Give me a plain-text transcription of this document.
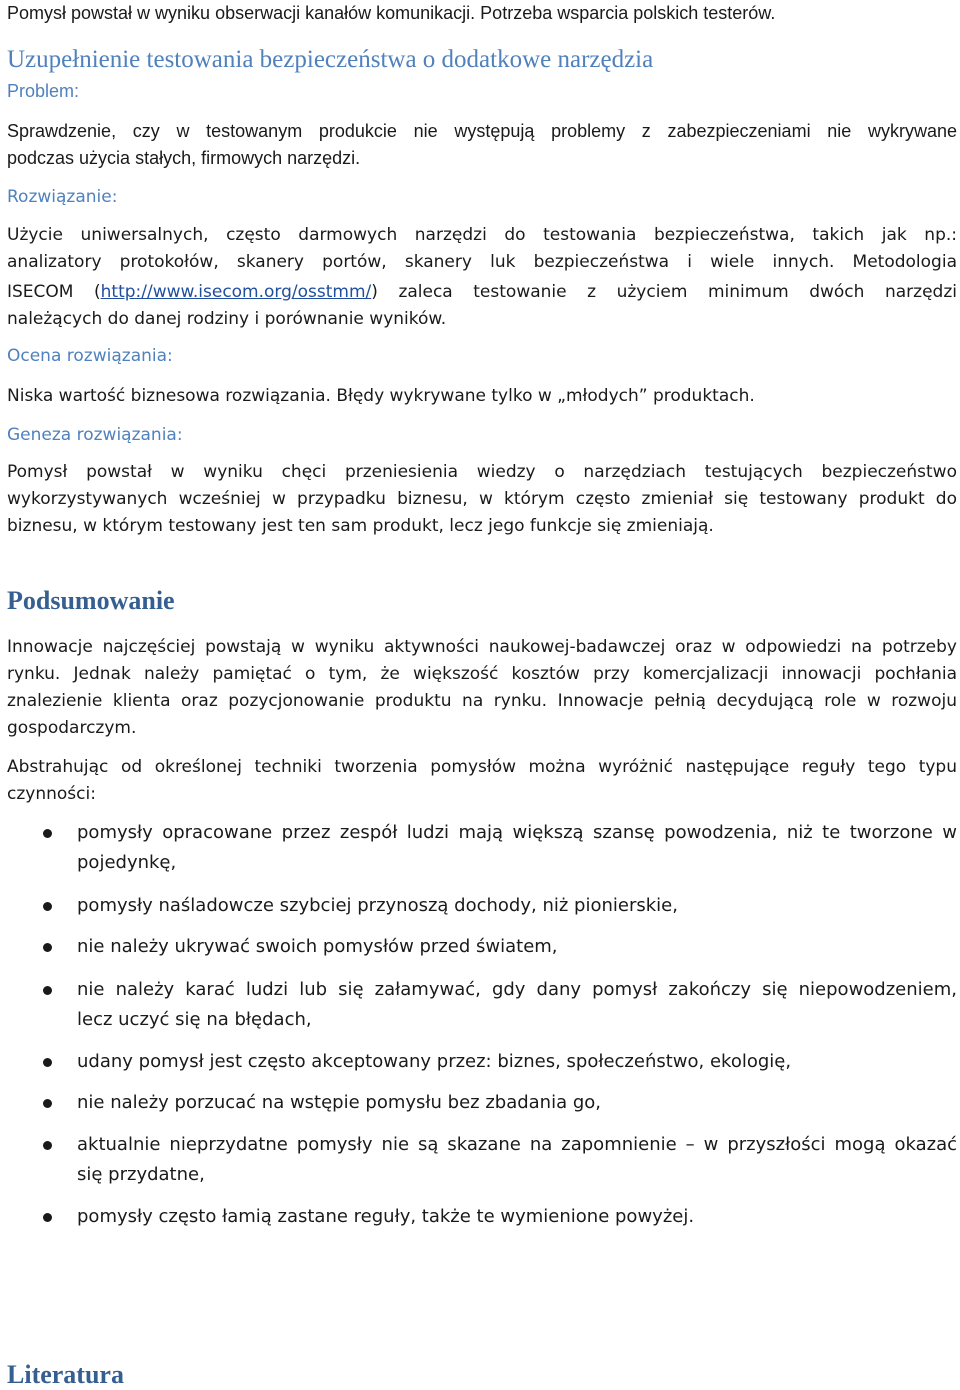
Pomysł powstał w wyniku obserwacji kanałów komunikacji. Potrzeba wsparcia polskich testerów.

Uzupełnienie testowania bezpieczeństwa o dodatkowe narzędzia

Problem:

Sprawdzenie, czy w testowanym produkcie nie występują problemy z zabezpieczeniami nie wykrywane

podczas użycia stałych, firmowych narzędzi.

Rozwiązanie:

Użycie uniwersalnych, często darmowych narzędzi do testowania bezpieczeństwa, takich jak np.:

analizatory protokołów, skanery portów, skanery luk bezpieczeństwa i wiele innych. Metodologia

ISECOM (http://www.isecom.org/osstmm/) zaleca testowanie z użyciem minimum dwóch narzędzi

należących do danej rodziny i porównanie wyników.

Ocena rozwiązania:

Niska wartość biznesowa rozwiązania. Błędy wykrywane tylko w „młodych” produktach.

Geneza rozwiązania:

Pomysł powstał w wyniku chęci przeniesienia wiedzy o narzędziach testujących bezpieczeństwo

wykorzystywanych wcześniej w przypadku biznesu, w którym często zmieniał się testowany produkt do

biznesu, w którym testowany jest ten sam produkt, lecz jego funkcje się zmieniają.

Podsumowanie

Innowacje najczęściej powstają w wyniku aktywności naukowej-badawczej oraz w odpowiedzi na potrzeby

rynku. Jednak należy pamiętać o tym, że większość kosztów przy komercjalizacji innowacji pochłania

znalezienie klienta oraz pozycjonowanie produktu na rynku. Innowacje pełnią decydującą role w rozwoju

gospodarczym.

Abstrahując od określonej techniki tworzenia pomysłów można wyróżnić następujące reguły tego typu

czynności:

pomysły opracowane przez zespół ludzi mają większą szansę powodzenia, niż te tworzone w
pojedynkę,

pomysły naśladowcze szybciej przynoszą dochody, niż pionierskie,

nie należy ukrywać swoich pomysłów przed światem,

nie należy karać ludzi lub się załamywać, gdy dany pomysł zakończy się niepowodzeniem,
lecz uczyć się na błędach,

udany pomysł jest często akceptowany przez: biznes, społeczeństwo, ekologię,

nie należy porzucać na wstępie pomysłu bez zbadania go,

aktualnie nieprzydatne pomysły nie są skazane na zapomnienie – w przyszłości mogą okazać
się przydatne,

pomysły często łamią zastane reguły, także te wymienione powyżej.

Literatura
